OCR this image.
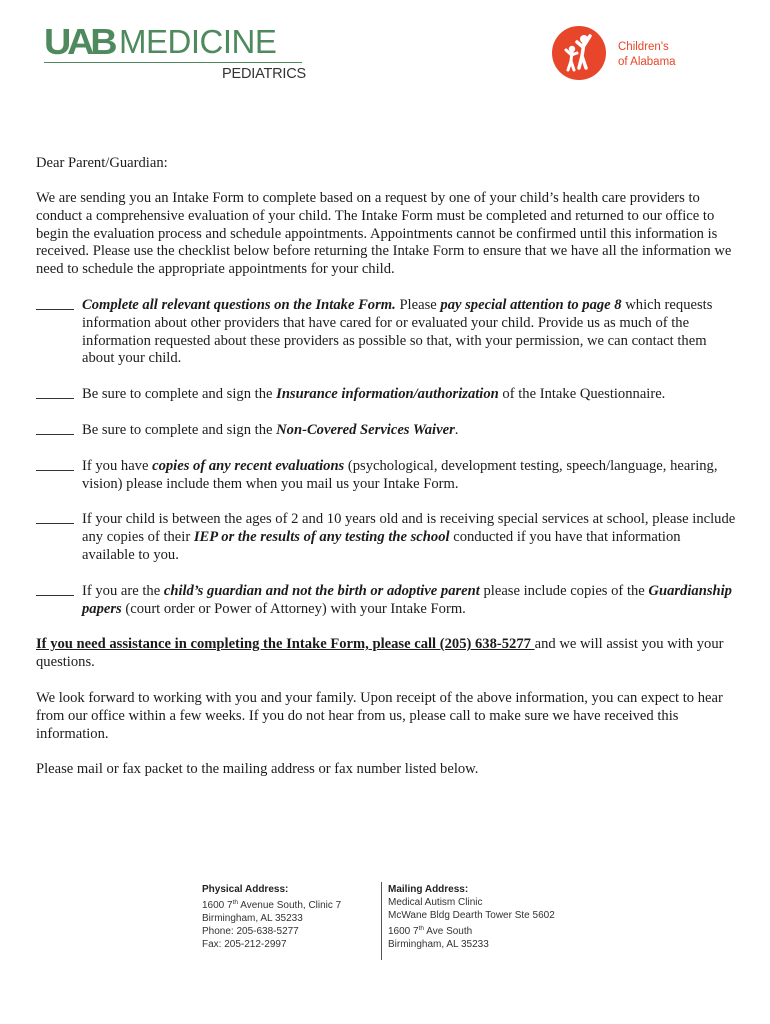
UAB MEDICINE
PEDIATRICS
Children's
of Alabama
Dear Parent/Guardian:
We are sending you an Intake Form to complete based on a request by one of your child’s health care providers to conduct a comprehensive evaluation of your child. The Intake Form must be completed and returned to our office to begin the evaluation process and schedule appointments. Appointments cannot be confirmed until this information is received. Please use the checklist below before returning the Intake Form to ensure that we have all the information we need to schedule the appropriate appointments for your child.
Complete all relevant questions on the Intake Form. Please pay special attention to page 8 which requests information about other providers that have cared for or evaluated your child. Provide us as much of the information requested about these providers as possible so that, with your permission, we can contact them about your child.
Be sure to complete and sign the Insurance information/authorization of the Intake Questionnaire.
Be sure to complete and sign the Non-Covered Services Waiver.
If you have copies of any recent evaluations (psychological, development testing, speech/language, hearing, vision) please include them when you mail us your Intake Form.
If your child is between the ages of 2 and 10 years old and is receiving special services at school, please include any copies of their IEP or the results of any testing the school conducted if you have that information available to you.
If you are the child’s guardian and not the birth or adoptive parent please include copies of the Guardianship papers (court order or Power of Attorney) with your Intake Form.
If you need assistance in completing the Intake Form, please call (205) 638-5277 and we will assist you with your questions.
We look forward to working with you and your family. Upon receipt of the above information, you can expect to hear from our office within a few weeks. If you do not hear from us, please call to make sure we have received this information.
Please mail or fax packet to the mailing address or fax number listed below.
Physical Address:
1600 7th Avenue South, Clinic 7
Birmingham, AL 35233
Phone: 205-638-5277
Fax: 205-212-2997
Mailing Address:
Medical Autism Clinic
McWane Bldg Dearth Tower Ste 5602
1600 7th Ave South
Birmingham, AL 35233
